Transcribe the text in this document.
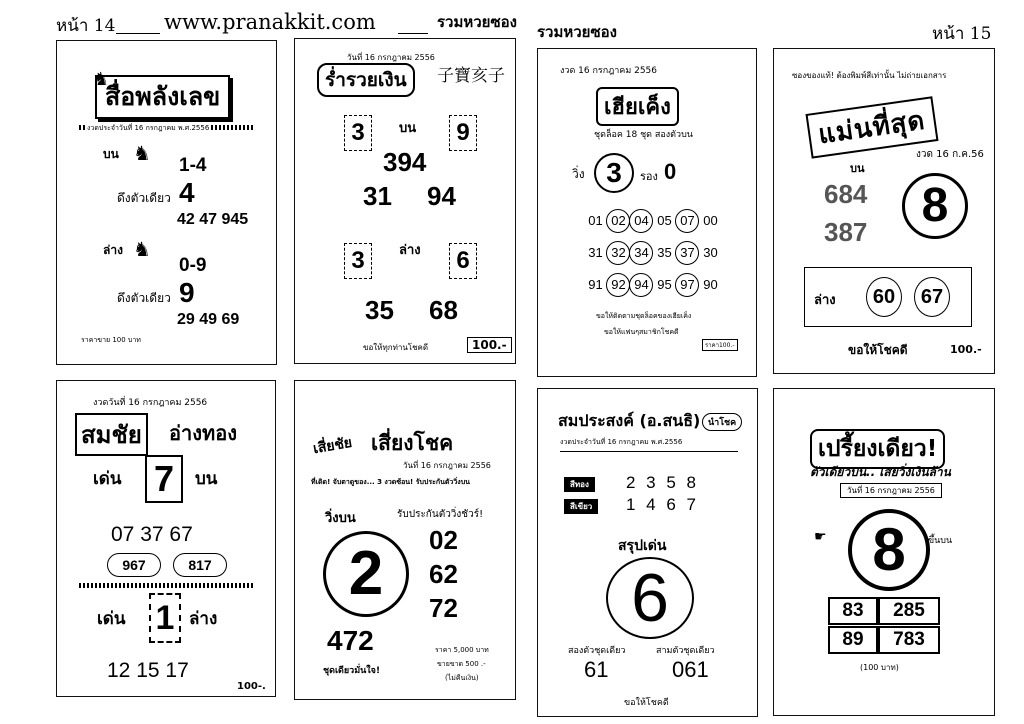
หน้า 14 www.pranakkit.com	รวมหวยซอง
รวมหวยซอง	หน้า 15
สื่อพลังเลข
♞
งวดประจำวันที่ 16 กรกฎาคม พ.ศ.2556
บน ♞
1-4
ดึงตัวเดียว 4
42 47 945
ล่าง ♞
0-9
ดึงตัวเดียว 9
29 49 69
ราคาขาย 100 บาท
วันที่ 16 กรกฎาคม 2556
ร่ำรวยเงิน	子寶亥子
3	บน	9
394
31 94
3	ล่าง	6
35 68
ขอให้ทุกท่านโชคดี	100.-
งวด 16 กรกฎาคม 2556
เฮียเค็ง
ชุดล็อค 18 ชุด สองตัวบน
วิ่ง 3	รอง 0
01 02 04 05 07 00
31 32 34 35 37 30
91 92 94 95 97 90
ขอให้ติดตามชุดล็อคของเฮียเค็ง
ขอให้แฟนๆสมาชิกโชคดี
ราคา100.-
ซองของแท้! ต้องพิมพ์สีเท่านั้น ไม่ถ่ายเอกสาร
แม่นที่สุด
งวด 16 ก.ค.56
บน
684
387	8
ล่าง	60	67
ขอให้โชคดี	100.-
งวดวันที่ 16 กรกฎาคม 2556
สมชัย	อ่างทอง
เด่น 7	บน
07 37 67
967	817
เด่น 1 ล่าง
12 15 17
100-.
เสี่ยชัย เสี่ยงโชค
วันที่ 16 กรกฎาคม 2556
ที่เดิด! จับตาดูของ... 3 งวดซ้อน! รับประกันตัววิ่งบน
วิ่งบน	รับประกันตัววิ่งชัวร์!
2	02
62
72
472
ชุดเดียวมั่นใจ!
ราคา 5,000 บาท
ขายขาด 500 .-
(ไม่คืนเงิน)
สมประสงค์ (อ.สนธิ) นำโชค
งวดประจำวันที่ 16 กรกฎาคม พ.ศ.2556
สีทอง	2 3 5 8
สีเขียว	1 4 6 7
สรุปเด่น
6
สองตัวชุดเดียว	สามตัวชุดเดียว
61	061
ขอให้โชคดี
เปรี้ยงเดียว!
ตัวเดียวบน.. เสยวิ่งเงินล้าน
วันที่ 16 กรกฎาคม 2556
☛ 8	ขึ้นบน
83	285
89	783
(100 บาท)
